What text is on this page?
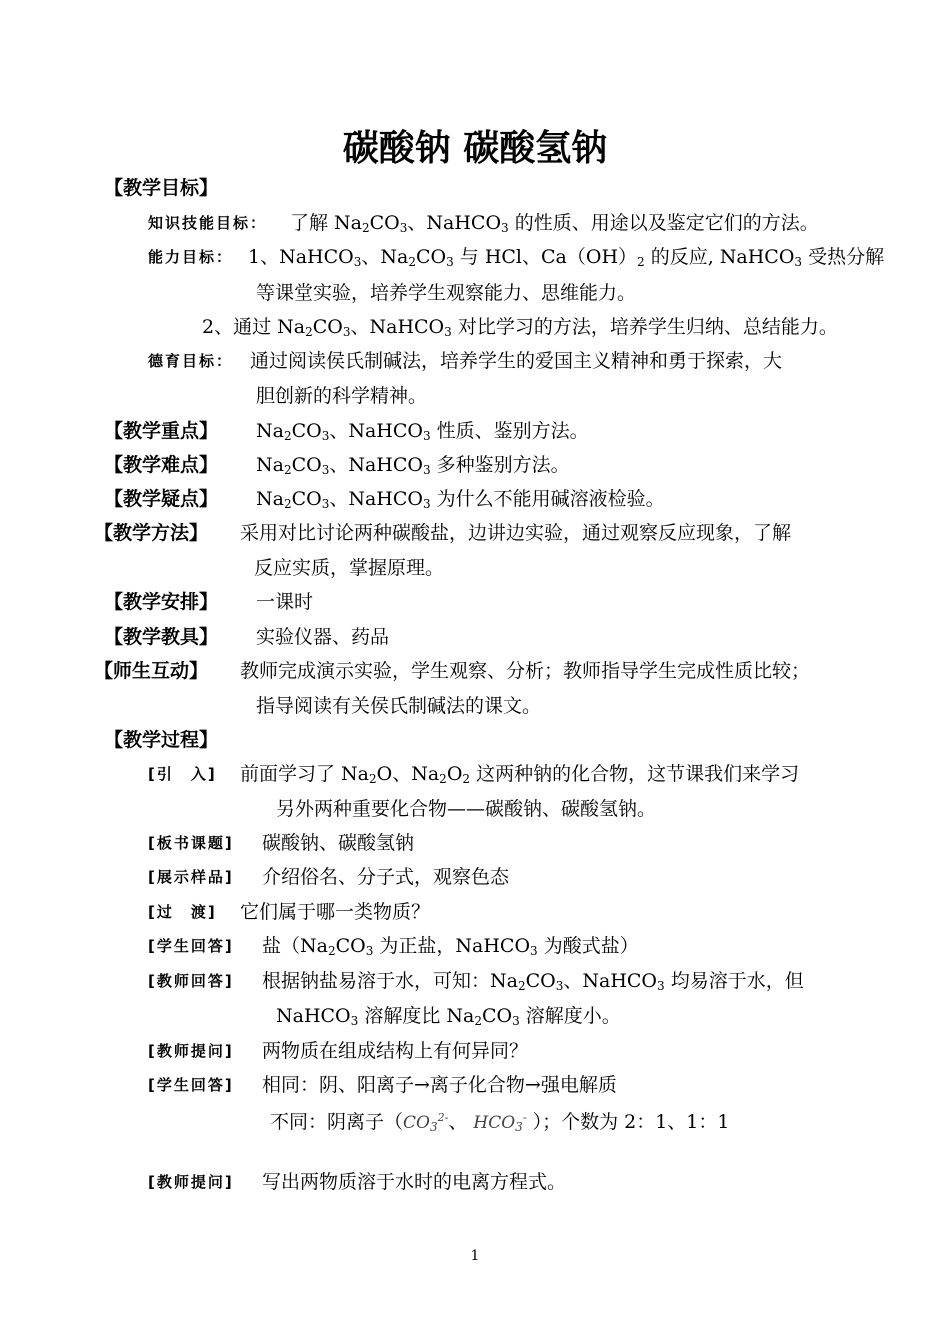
碳酸钠 碳酸氢钠
【教学目标】
知识技能目标： 了解 $Na_2CO_3$、NaHCO$_3$ 的性质、用途以及鉴定它们的方法。
能力目标： 1、NaHCO$_3$、$Na_2CO_3$ 与 HCl、$Ca(OH)_2$ 的反应, NaHCO$_3$ 受热分解
等课堂实验，培养学生观察能力、思维能力。
2、通过 $Na_2CO_3$、NaHCO$_3$ 对比学习的方法，培养学生归纳、总结能力。
德育目标： 通过阅读侯氏制碱法，培养学生的爱国主义精神和勇于探索，大
胆创新的科学精神。
【教学重点】 $Na_2CO_3$、NaHCO$_3$ 性质、鉴别方法。
【教学难点】 $Na_2CO_3$、NaHCO$_3$ 多种鉴别方法。
【教学疑点】 $Na_2CO_3$、NaHCO$_3$ 为什么不能用碱溶液检验。
【教学方法】 采用对比讨论两种碳酸盐，边讲边实验，通过观察反应现象，了解
反应实质，掌握原理。
【教学安排】 一课时
【教学教具】 实验仪器、药品
【师生互动】 教师完成演示实验，学生观察、分析；教师指导学生完成性质比较；
指导阅读有关侯氏制碱法的课文。
【教学过程】
[引　入] 前面学习了 $Na_2O$、$Na_2O_2$ 这两种钠的化合物，这节课我们来学习
另外两种重要化合物——碳酸钠、碳酸氢钠。
[板书课题] 碳酸钠、碳酸氢钠
[展示样品] 介绍俗名、分子式，观察色态
[过　渡] 它们属于哪一类物质？
[学生回答] 盐（$Na_2CO_3$ 为正盐，NaHCO$_3$ 为酸式盐）
[教师回答] 根据钠盐易溶于水，可知：$Na_2CO_3$、NaHCO$_3$ 均易溶于水，但
NaHCO$_3$ 溶解度比 $Na_2CO_3$ 溶解度小。
[教师提问] 两物质在组成结构上有何异同？
[学生回答] 相同：阴、阳离子→离子化合物→强电解质
不同：阴离子（$CO_3^{2-}$、 $HCO_3^-$ ）；个数为 2：1、1：1
[教师提问] 写出两物质溶于水时的电离方程式。
1
